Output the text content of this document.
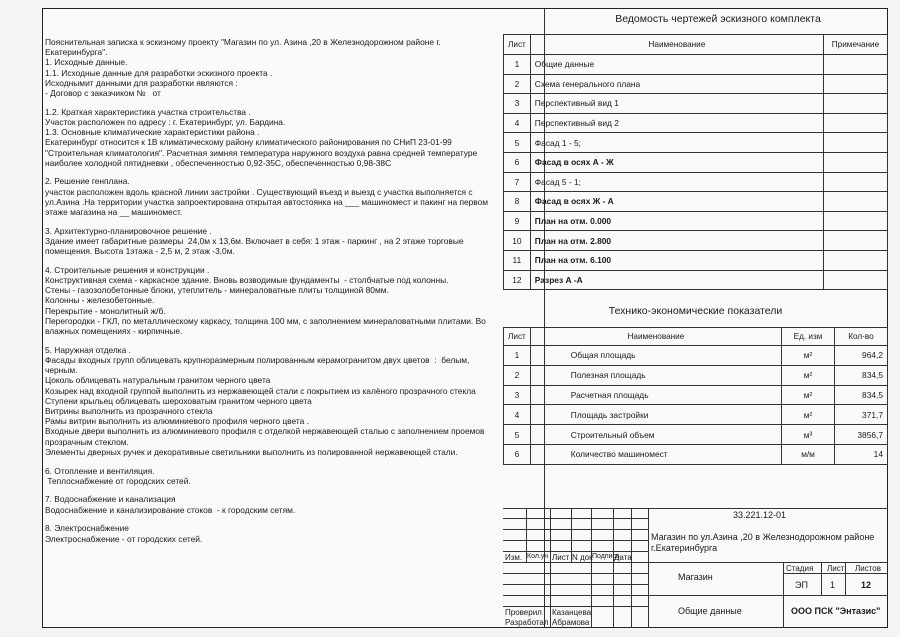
Пояснительная записка к эскизному проекту "Магазин по ул. Азина ,20 в Железнодорожном районе г. Екатеринбурга".
1. Исходные данные.
1.1. Исходные данные для разработки эскизного проекта .
Исходнымит данными для разработки являются :
- Договор с заказчиком №   от
1.2. Краткая характеристика участка строительства .
Участок расположен по адресу : г. Екатеринбург, ул. Бардина.
1.3. Основные климатические характеристики района .
Екатеринбург относится к 1В климатическому району климатического районирования по СНиП 23-01-99 "Строительная климатология". Расчетная зимняя температура наружного воздуха равна средней температуре наиболее холодной пятидневки , обеспеченностью 0,92-35С, обеспеченностью 0,98-38С
2. Решение генплана.
участок расположен вдоль красной линии застройки . Существующий въезд и выезд с участка выполняется с ул.Азина .На территории участка запроектирована открытая автостоянка на ___ машиномест и пакинг на первом этаже магазина на __ машиномест.
3. Архитектурно-планировочное решение .
Здание имеет габаритные размеры  24,0м х 13,6м. Включает в себя: 1 этаж - паркинг , на 2 этаже торговые помещения. Высота 1этажа - 2,5 м, 2 этаж -3,0м.
4. Строительные решения и конструкции .
Конструктивная схема - каркасное здание. Вновь возводимые фундаменты  - столбчатые под колонны.
Стены - газозолобетонные блоки, утеплитель - минераловатные плиты толщиной 80мм.
Колонны - железобетонные.
Перекрытие - монолитный ж/б.
Перегородки - ГКЛ, по металлическому каркасу, толщина 100 мм, с заполнением минераловатными плитами. Во влажных помещениях - кирпичные.
5. Наружная отделка .
Фасады входных групп облицевать крупноразмерным полированным керамогранитом двух цветов  :  белым, черным.
Цоколь облицевать натуральным гранитом черного цвета
Козырек над входной группой выполнить из нержавеющей стали с покрытием из калёного прозрачного стекла
Ступени крыльец облицевать шероховатым гранитом черного цвета
Витрины выполнить из прозрачного стекла
Рамы витрин выполнить из алюминиевого профиля черного цвета .
Входные двери выполнить из алюминиевого профиля с отделкой нержавеющей сталью с заполнением проемов прозрачным стеклом.
Элементы дверных ручек и декоративные светильники выполнить из полированной нержавеющей стали.
6. Отопление и вентиляция.
Теплоснабжение от городских сетей.
7. Водоснабжение и канализация
Водоснабжение и канализирование стоков  - к городским сетям.
8. Электроснабжение
Электроснабжение - от городских сетей.
Ведомость чертежей эскизного комплекта
Лист	Наименование	Примечание
1	Общие данные	
2	Схема генерального плана	
3	Перспективный вид 1	
4	Перспективный вид 2	
5	Фасад 1 - 5;	
6	Фасад в осях А - Ж	
7	Фасад 5 - 1;	
8	Фасад в осях Ж - А	
9	План на отм. 0.000	
10	План на отм. 2.800	
11	План на отм. 6.100	
12	Разрез А -А	
Технико-экономические показатели
Лист	Наименование	Ед. изм	Кол-во
1	Общая площадь	м²	964,2
2	Полезная площадь	м²	834,5
3	Расчетная площадь	м²	834,5
4	Площадь застройки	м²	371,7
5	Строительный объем	м³	3856,7
6	Количество машиномест	м/м	14
33.221.12-01
Магазин по ул.Азина ,20 в Железнодорожном районе г.Екатеринбурга
Изм. Кол.уч Лист N док Подпись
Дата
Магазин
Стадия Лист Листов
ЭП 1	12
Общие данные	ООО ПСК "Энтазис"
Проверил Казанцева
Разработал Абрамова
